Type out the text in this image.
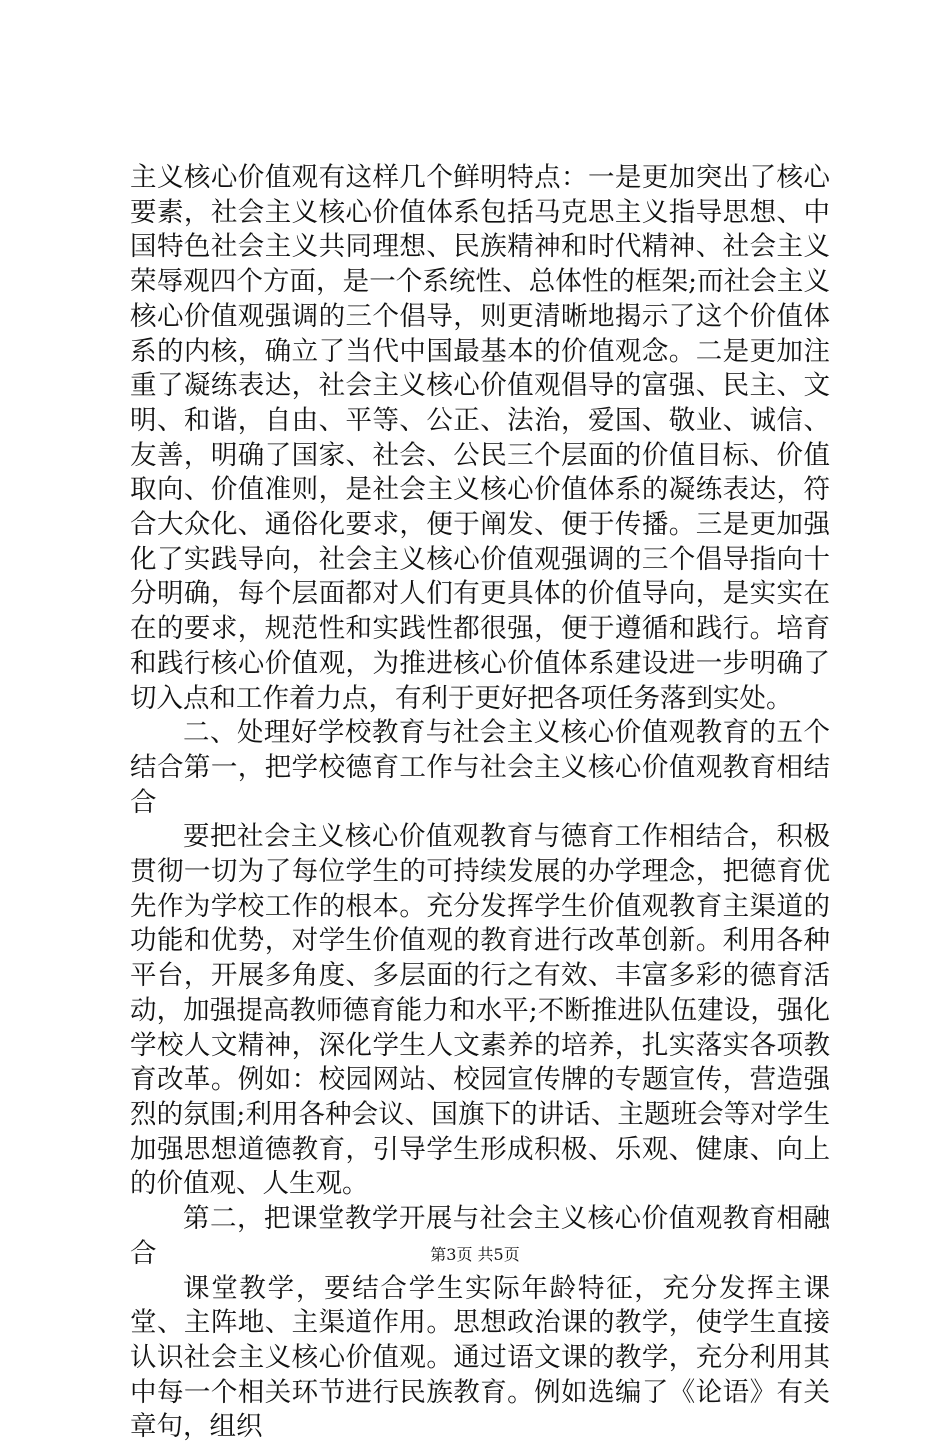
主义核心价值观有这样几个鲜明特点：一是更加突出了核心要素，社会主义核心价值体系包括马克思主义指导思想、中国特色社会主义共同理想、民族精神和时代精神、社会主义荣辱观四个方面，是一个系统性、总体性的框架;而社会主义核心价值观强调的三个倡导，则更清晰地揭示了这个价值体系的内核，确立了当代中国最基本的价值观念。二是更加注重了凝练表达，社会主义核心价值观倡导的富强、民主、文明、和谐，自由、平等、公正、法治，爱国、敬业、诚信、友善，明确了国家、社会、公民三个层面的价值目标、价值取向、价值准则，是社会主义核心价值体系的凝练表达，符合大众化、通俗化要求，便于阐发、便于传播。三是更加强化了实践导向，社会主义核心价值观强调的三个倡导指向十分明确，每个层面都对人们有更具体的价值导向，是实实在在的要求，规范性和实践性都很强，便于遵循和践行。培育和践行核心价值观，为推进核心价值体系建设进一步明确了切入点和工作着力点，有利于更好把各项任务落到实处。

二、处理好学校教育与社会主义核心价值观教育的五个结合第一，把学校德育工作与社会主义核心价值观教育相结合

要把社会主义核心价值观教育与德育工作相结合，积极贯彻一切为了每位学生的可持续发展的办学理念，把德育优先作为学校工作的根本。充分发挥学生价值观教育主渠道的功能和优势，对学生价值观的教育进行改革创新。利用各种平台，开展多角度、多层面的行之有效、丰富多彩的德育活动，加强提高教师德育能力和水平;不断推进队伍建设，强化学校人文精神，深化学生人文素养的培养，扎实落实各项教育改革。例如：校园网站、校园宣传牌的专题宣传，营造强烈的氛围;利用各种会议、国旗下的讲话、主题班会等对学生加强思想道德教育，引导学生形成积极、乐观、健康、向上的价值观、人生观。

第二，把课堂教学开展与社会主义核心价值观教育相融合

课堂教学，要结合学生实际年龄特征，充分发挥主课堂、主阵地、主渠道作用。思想政治课的教学，使学生直接认识社会主义核心价值观。通过语文课的教学，充分利用其中每一个相关环节进行民族教育。例如选编了《论语》有关章句，组织

第3页 共5页
